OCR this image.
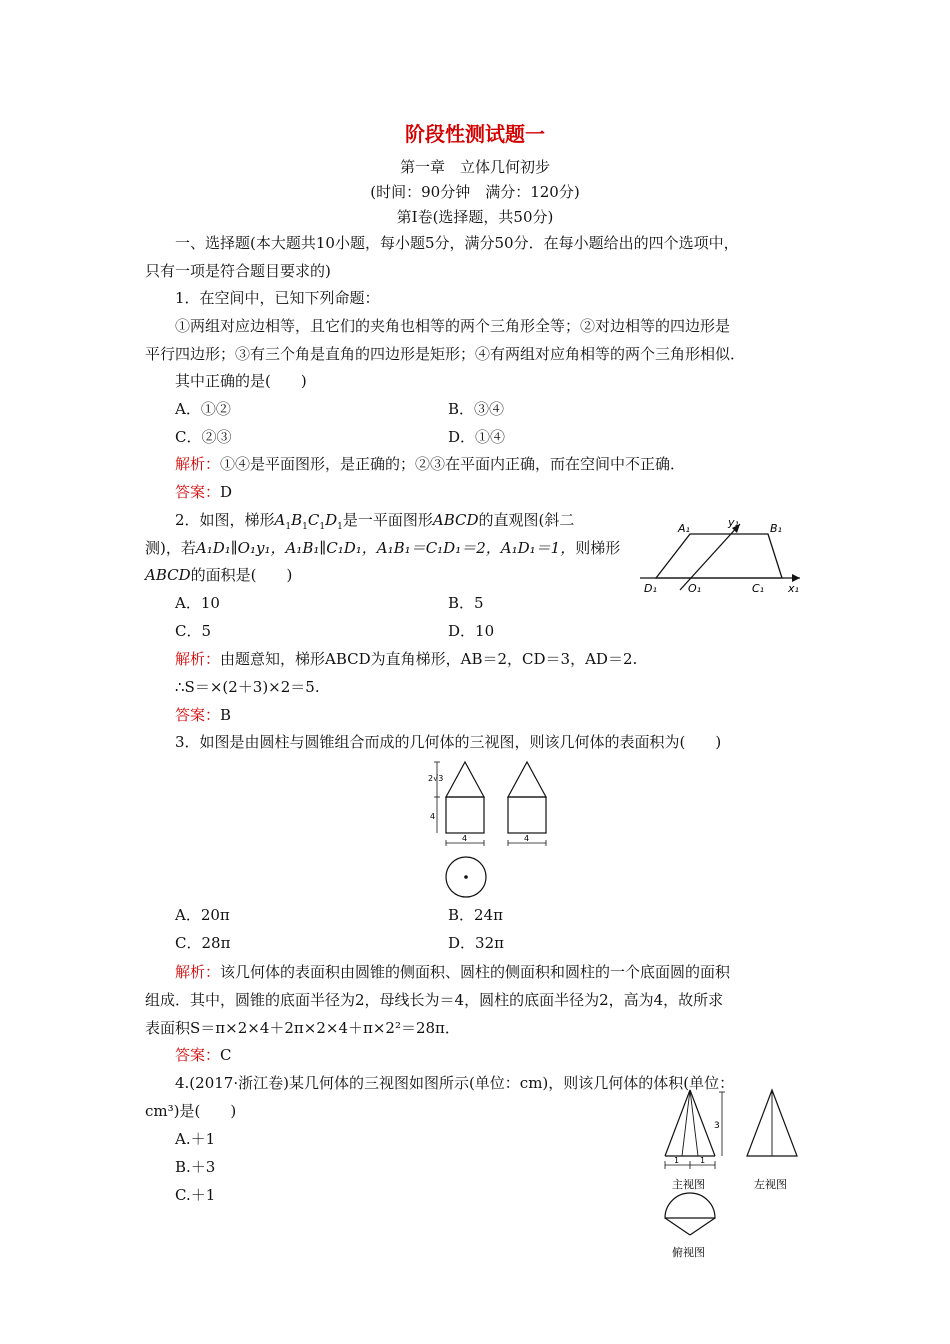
阶段性测试题一
第一章　立体几何初步
(时间：90分钟　满分：120分)
第Ⅰ卷(选择题，共50分)
一、选择题(本大题共10小题，每小题5分，满分50分．在每小题给出的四个选项中，
只有一项是符合题目要求的)
1．在空间中，已知下列命题：
①两组对应边相等，且它们的夹角也相等的两个三角形全等；②对边相等的四边形是
平行四边形；③有三个角是直角的四边形是矩形；④有两组对应角相等的两个三角形相似．
其中正确的是(　　)
A．①②	B．③④
C．②③	D．①④
解析：①④是平面图形，是正确的；②③在平面内正确，而在空间中不正确．
答案：D
2．如图，梯形$A_1B_1C_1D_1$是一平面图形ABCD的直观图(斜二
测)，若A₁D₁∥O₁y₁，A₁B₁∥C₁D₁，A₁B₁＝C₁D₁＝2，A₁D₁＝1，则梯形
ABCD的面积是(　　)
A．10	B．5
C．5	D．10
解析：由题意知，梯形ABCD为直角梯形，AB＝2，CD＝3，AD＝2.
∴S＝×(2＋3)×2＝5.
答案：B
A₁	B₁
C₁
D₁	O₁	x₁
y₁
3．如图是由圆柱与圆锥组合而成的几何体的三视图，则该几何体的表面积为(　　)
2√3
4
4	4
A．20π	B．24π
C．28π	D．32π
解析：该几何体的表面积由圆锥的侧面积、圆柱的侧面积和圆柱的一个底面圆的面积
组成．其中，圆锥的底面半径为2，母线长为＝4，圆柱的底面半径为2，高为4，故所求
表面积S＝π×2×4＋2π×2×4＋π×2²＝28π．
答案：C
4.(2017·浙江卷)某几何体的三视图如图所示(单位：cm)，则该几何体的体积(单位：
cm³)是(　　)
A.＋1
B.＋3
C.＋1
3
1	1
主视图	左视图
俯视图
